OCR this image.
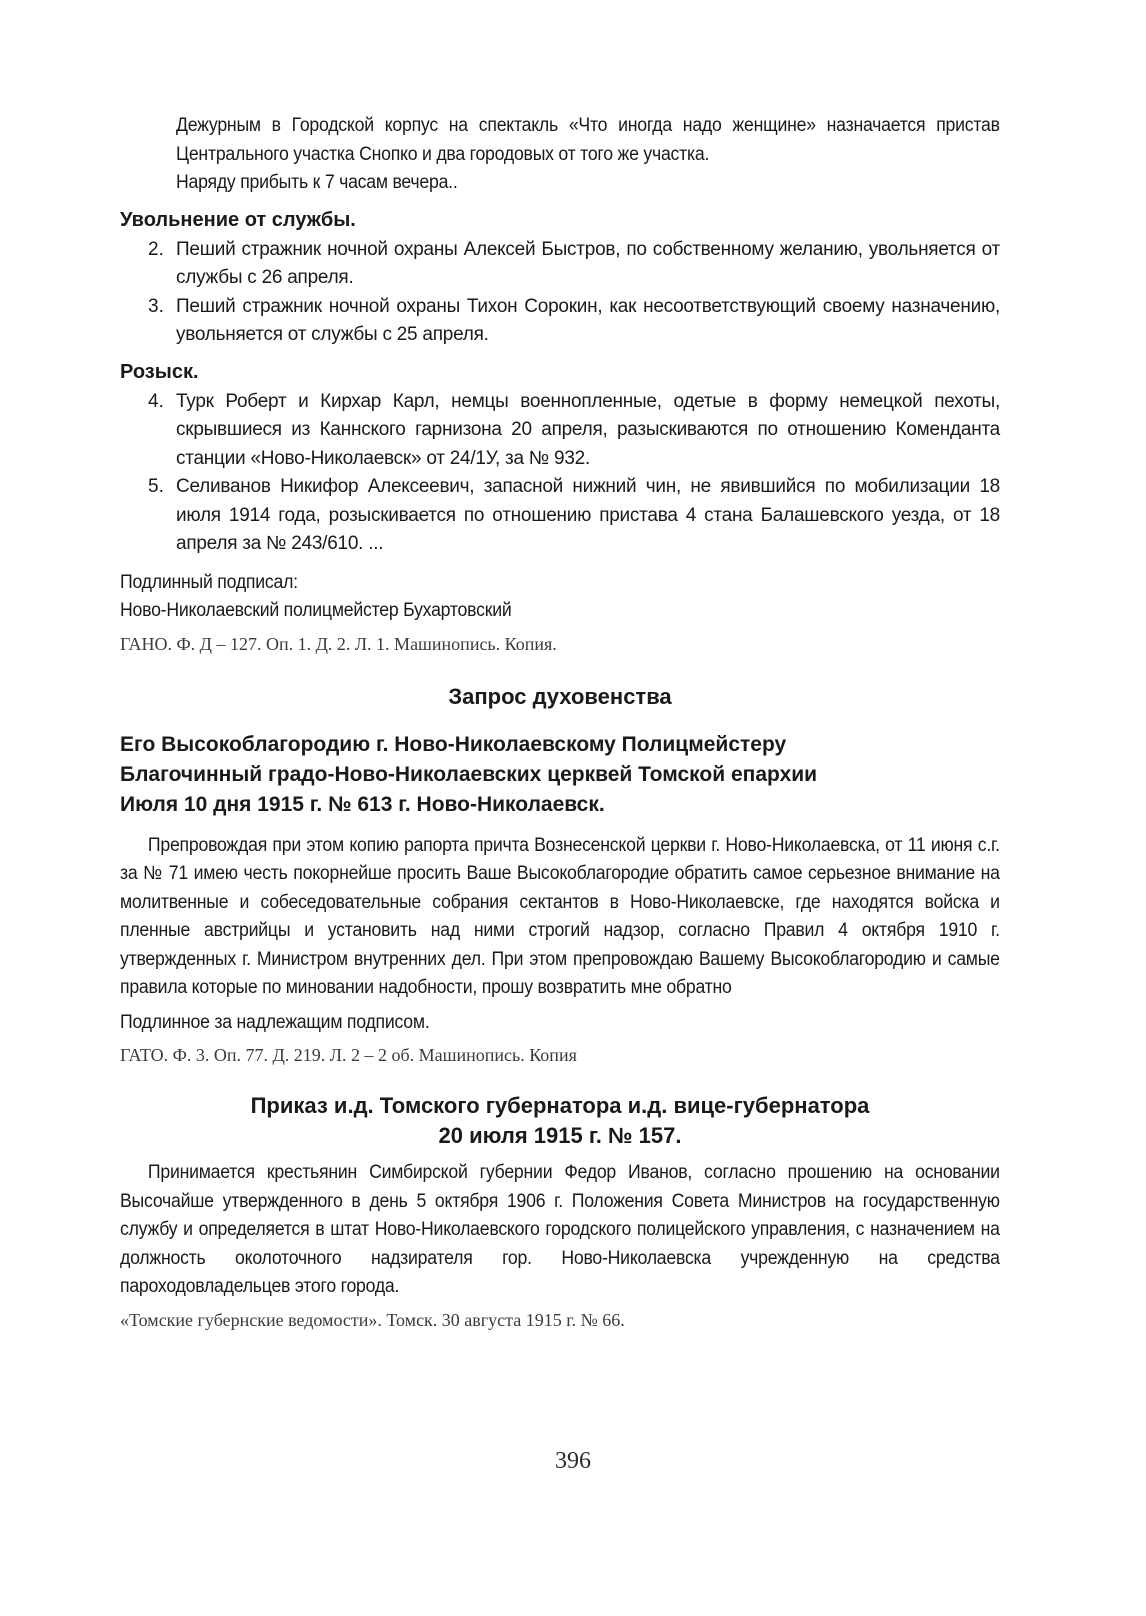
Дежурным в Городской корпус на спектакль «Что иногда надо женщине» назначается пристав Центрального участка Снопко и два городовых от того же участка.

Наряду прибыть к 7 часам вечера..

Увольнение от службы.
2. Пеший стражник ночной охраны Алексей Быстров, по собственному желанию, увольняется от службы с 26 апреля.
3. Пеший стражник ночной охраны Тихон Сорокин, как несоответствующий своему назначению, увольняется от службы с 25 апреля.
Розыск.
4. Турк Роберт и Кирхар Карл, немцы военнопленные, одетые в форму немецкой пехоты, скрывшиеся из Каннского гарнизона 20 апреля, разыскиваются по отношению Коменданта станции «Ново-Николаевск» от 24/1У, за № 932.
5. Селиванов Никифор Алексеевич, запасной нижний чин, не явившийся по мобилизации 18 июля 1914 года, розыскивается по отношению пристава 4 стана Балашевского уезда, от 18 апреля за № 243/610. ...

Подлинный подписал:

Ново-Николаевский полицмейстер Бухартовский

ГАНО. Ф. Д – 127. Оп. 1. Д. 2. Л. 1. Машинопись. Копия.

Запрос духовенства

Его Высокоблагородию г. Ново-Николаевскому Полицмейстеру

Благочинный градо-Ново-Николаевских церквей Томской епархии

Июля 10 дня 1915 г. № 613 г. Ново-Николаевск.

Препровождая при этом копию рапорта причта Вознесенской церкви г. Ново-Николаевска, от 11 июня с.г. за № 71 имею честь покорнейше просить Ваше Высокоблагородие обратить самое серьезное внимание на молитвенные и собеседовательные собрания сектантов в Ново-Николаевске, где находятся войска и пленные австрийцы и установить над ними строгий надзор, согласно Правил 4 октября 1910 г. утвержденных г. Министром внутренних дел. При этом препровождаю Вашему Высокоблагородию и самые правила которые по миновании надобности, прошу возвратить мне обратно

Подлинное за надлежащим подписом.

ГАТО. Ф. 3. Оп. 77. Д. 219. Л. 2 – 2 об. Машинопись. Копия

Приказ и.д. Томского губернатора и.д. вице-губернатора

20 июля 1915 г. № 157.

Принимается крестьянин Симбирской губернии Федор Иванов, согласно прошению на основании Высочайше утвержденного в день 5 октября 1906 г. Положения Совета Министров на государственную службу и определяется в штат Ново-Николаевского городского полицейского управления, с назначением на должность околоточного надзирателя гор. Ново-Николаевска учрежденную на средства пароходовладельцев этого города.

«Томские губернские ведомости». Томск. 30 августа 1915 г. № 66.

396
